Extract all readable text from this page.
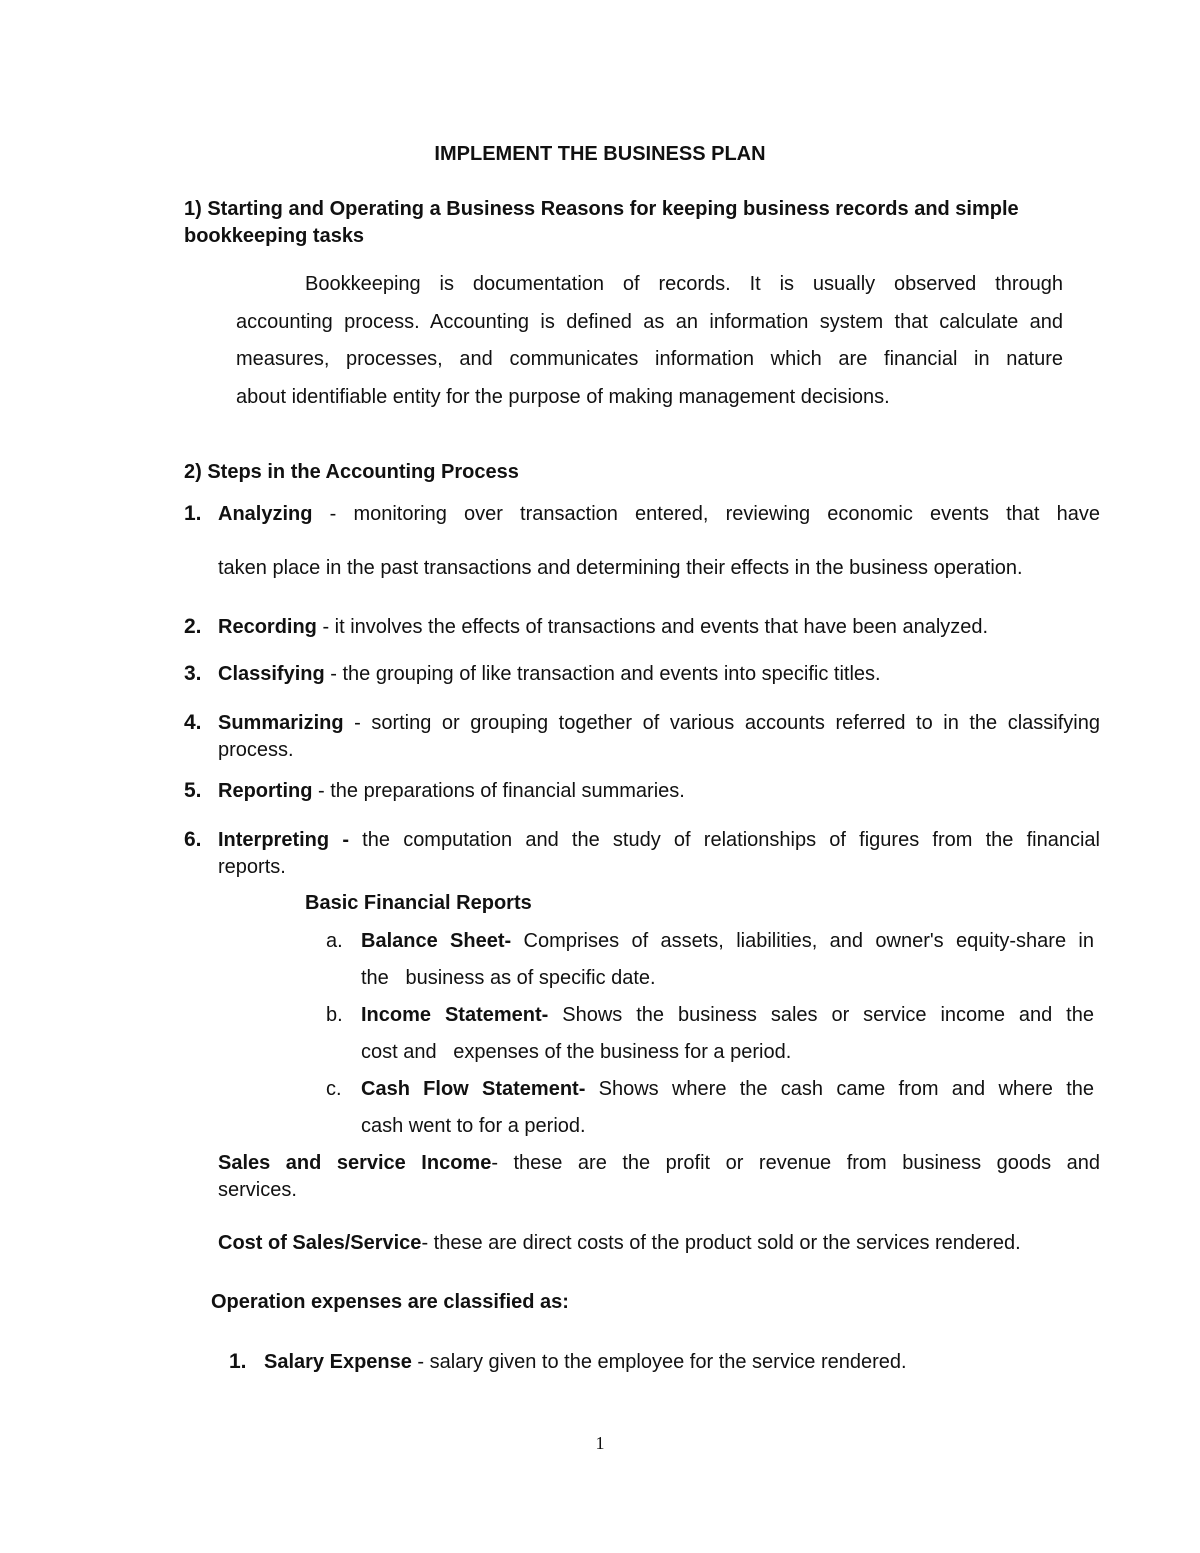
IMPLEMENT THE BUSINESS PLAN
1) Starting and Operating a Business Reasons for keeping business records and simple
bookkeeping tasks
Bookkeeping is documentation of records. It is usually observed through
accounting process. Accounting is defined as an information system that calculate and
measures, processes, and communicates information which are financial in nature
about identifiable entity for the purpose of making management decisions.
2) Steps in the Accounting Process
1. Analyzing - monitoring over transaction entered, reviewing economic events that have
taken place in the past transactions and determining their effects in the business operation.
2. Recording - it involves the effects of transactions and events that have been analyzed.
3. Classifying - the grouping of like transaction and events into specific titles.
4. Summarizing - sorting or grouping together of various accounts referred to in the classifying
process.
5. Reporting - the preparations of financial summaries.
6. Interpreting - the computation and the study of relationships of figures from the financial
reports.
Basic Financial Reports
a. Balance Sheet- Comprises of assets, liabilities, and owner's equity-share in
the   business as of specific date.
b. Income Statement- Shows the business sales or service income and the
cost and   expenses of the business for a period.
c. Cash Flow Statement- Shows where the cash came from and where the
cash went to for a period.
Sales and service Income- these are the profit or revenue from business goods and
services.
Cost of Sales/Service- these are direct costs of the product sold or the services rendered.
Operation expenses are classified as:
1. Salary Expense - salary given to the employee for the service rendered.
1
